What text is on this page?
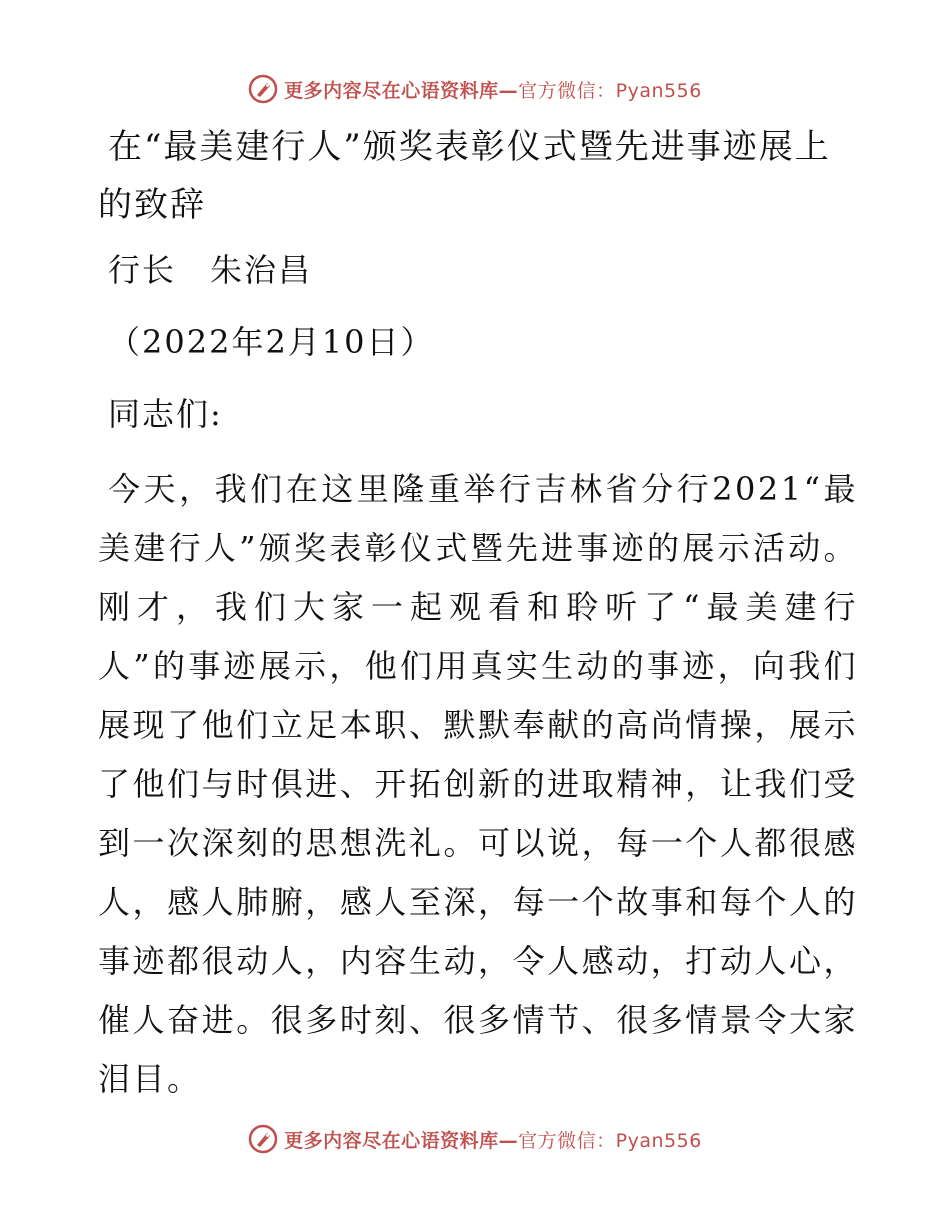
更多内容尽在心语资料库— 官方微信：Pyan556

在“最美建行人”颁奖表彰仪式暨先进事迹展上的致辞

行长　朱治昌

（2022年2月10日）

同志们:

今天，我们在这里隆重举行吉林省分行2021“最美建行人”颁奖表彰仪式暨先进事迹的展示活动。刚才，我们大家一起观看和聆听了“最美建行人”的事迹展示，他们用真实生动的事迹，向我们展现了他们立足本职、默默奉献的高尚情操，展示了他们与时俱进、开拓创新的进取精神，让我们受到一次深刻的思想洗礼。可以说，每一个人都很感人，感人肺腑，感人至深，每一个故事和每个人的事迹都很动人，内容生动，令人感动，打动人心，催人奋进。很多时刻、很多情节、很多情景令大家泪目。

更多内容尽在心语资料库— 官方微信：Pyan556
